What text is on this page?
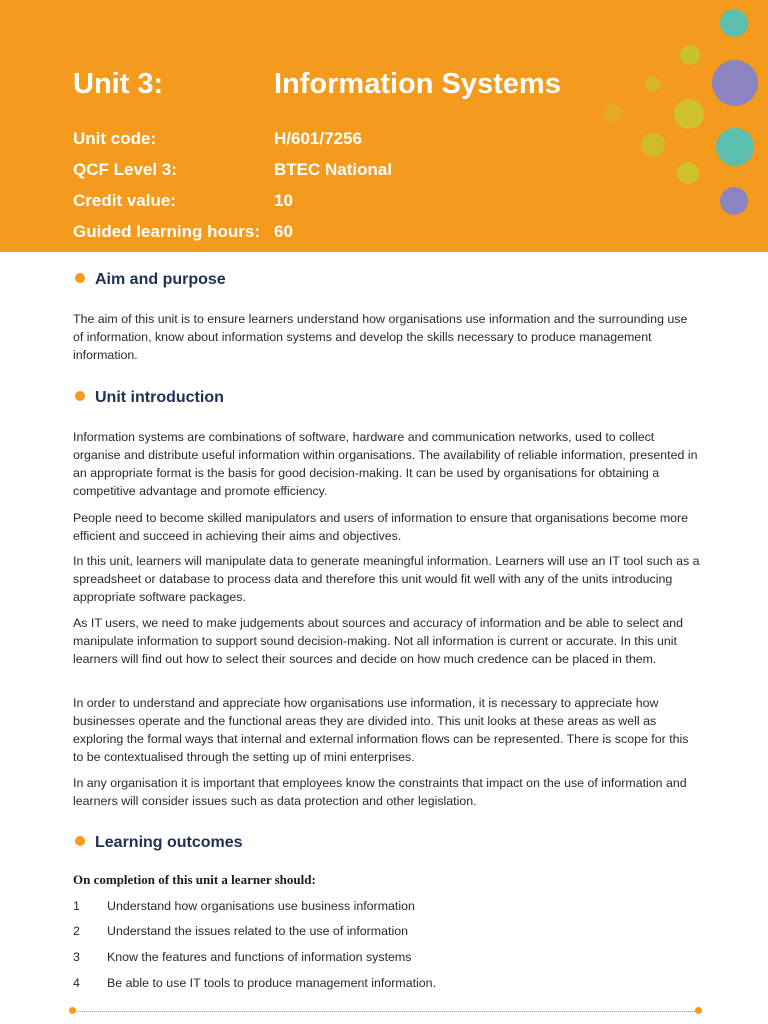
Unit 3:	Information Systems
Unit code:	H/601/7256
QCF Level 3:	BTEC National
Credit value:	10
Guided learning hours: 60
Aim and purpose
The aim of this unit is to ensure learners understand how organisations use information and the surrounding use of information, know about information systems and develop the skills necessary to produce management information.
Unit introduction
Information systems are combinations of software, hardware and communication networks, used to collect organise and distribute useful information within organisations. The availability of reliable information, presented in an appropriate format is the basis for good decision-making. It can be used by organisations for obtaining a competitive advantage and promote efficiency.
People need to become skilled manipulators and users of information to ensure that organisations become more efficient and succeed in achieving their aims and objectives.
In this unit, learners will manipulate data to generate meaningful information. Learners will use an IT tool such as a spreadsheet or database to process data and therefore this unit would fit well with any of the units introducing appropriate software packages.
As IT users, we need to make judgements about sources and accuracy of information and be able to select and manipulate information to support sound decision-making. Not all information is current or accurate. In this unit learners will find out how to select their sources and decide on how much credence can be placed in them.
In order to understand and appreciate how organisations use information, it is necessary to appreciate how businesses operate and the functional areas they are divided into. This unit looks at these areas as well as exploring the formal ways that internal and external information flows can be represented. There is scope for this to be contextualised through the setting up of mini enterprises.
In any organisation it is important that employees know the constraints that impact on the use of information and learners will consider issues such as data protection and other legislation.
Learning outcomes
On completion of this unit a learner should:
1 Understand how organisations use business information
2 Understand the issues related to the use of information
3 Know the features and functions of information systems
4 Be able to use IT tools to produce management information.
